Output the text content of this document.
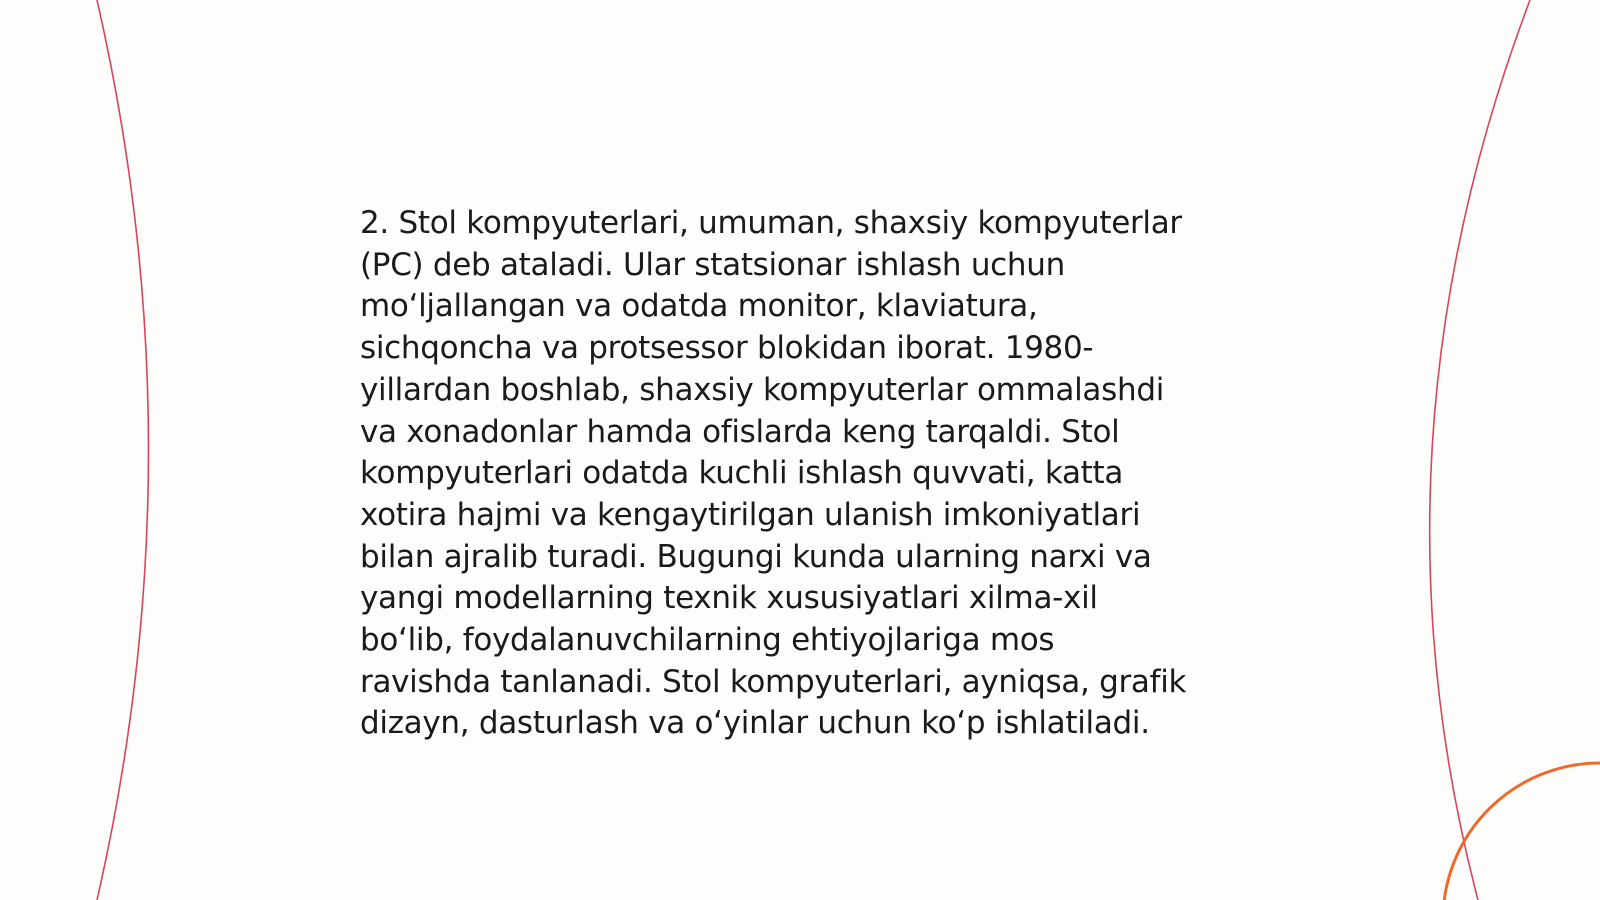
2. Stol kompyuterlari, umuman, shaxsiy kompyuterlar
(PC) deb ataladi. Ular statsionar ishlash uchun
mo‘ljallangan va odatda monitor, klaviatura,
sichqoncha va protsessor blokidan iborat. 1980-
yillardan boshlab, shaxsiy kompyuterlar ommalashdi
va xonadonlar hamda ofislarda keng tarqaldi. Stol
kompyuterlari odatda kuchli ishlash quvvati, katta
xotira hajmi va kengaytirilgan ulanish imkoniyatlari
bilan ajralib turadi. Bugungi kunda ularning narxi va
yangi modellarning texnik xususiyatlari xilma-xil
bo‘lib, foydalanuvchilarning ehtiyojlariga mos
ravishda tanlanadi. Stol kompyuterlari, ayniqsa, grafik
dizayn, dasturlash va o‘yinlar uchun ko‘p ishlatiladi.
